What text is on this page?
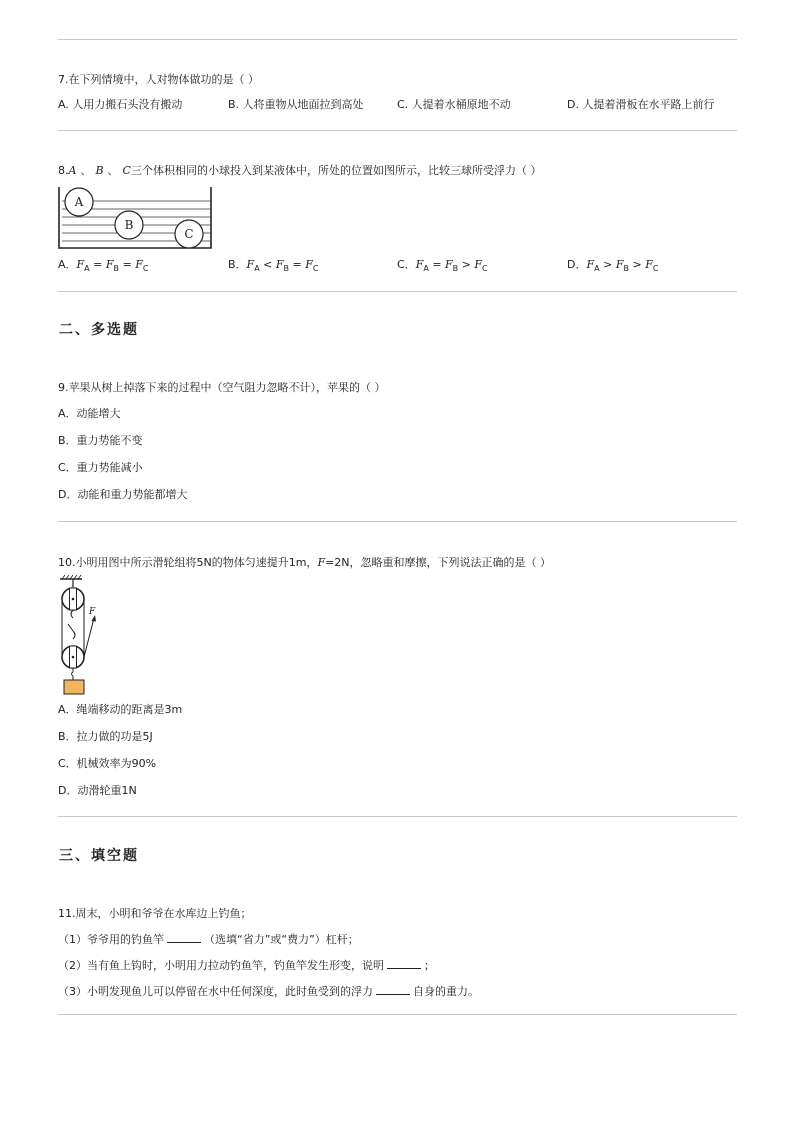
7.在下列情境中，人对物体做功的是（ ）
A. 人用力搬石头没有搬动	B. 人将重物从地面拉到高处	C. 人提着水桶原地不动	D. 人提着滑板在水平路上前行
8.A 、 B 、 C三个体积相同的小球投入到某液体中，所处的位置如图所示，比较三球所受浮力（ ）
A
B
C
A．$F_A = F_B = F_C$	B．$F_A < F_B = F_C$	C．$F_A = F_B > F_C$	D．$F_A > F_B > F_C$
二、多选题
9.苹果从树上掉落下来的过程中（空气阻力忽略不计），苹果的（ ）
A．动能增大
B．重力势能不变
C．重力势能减小
D．动能和重力势能都增大
10.小明用图中所示滑轮组将5N的物体匀速提升1m，F=2N，忽略重和摩擦，下列说法正确的是（ ）
F
A．绳端移动的距离是3m
B．拉力做的功是5J
C．机械效率为90%
D．动滑轮重1N
三、填空题
11.周末，小明和爷爷在水库边上钓鱼；
（1）爷爷用的钓鱼竿	（选填“省力”或“费力”）杠杆；
（2）当有鱼上钩时，小明用力拉动钓鱼竿，钓鱼竿发生形变，说明	；
（3）小明发现鱼儿可以停留在水中任何深度，此时鱼受到的浮力	自身的重力。
